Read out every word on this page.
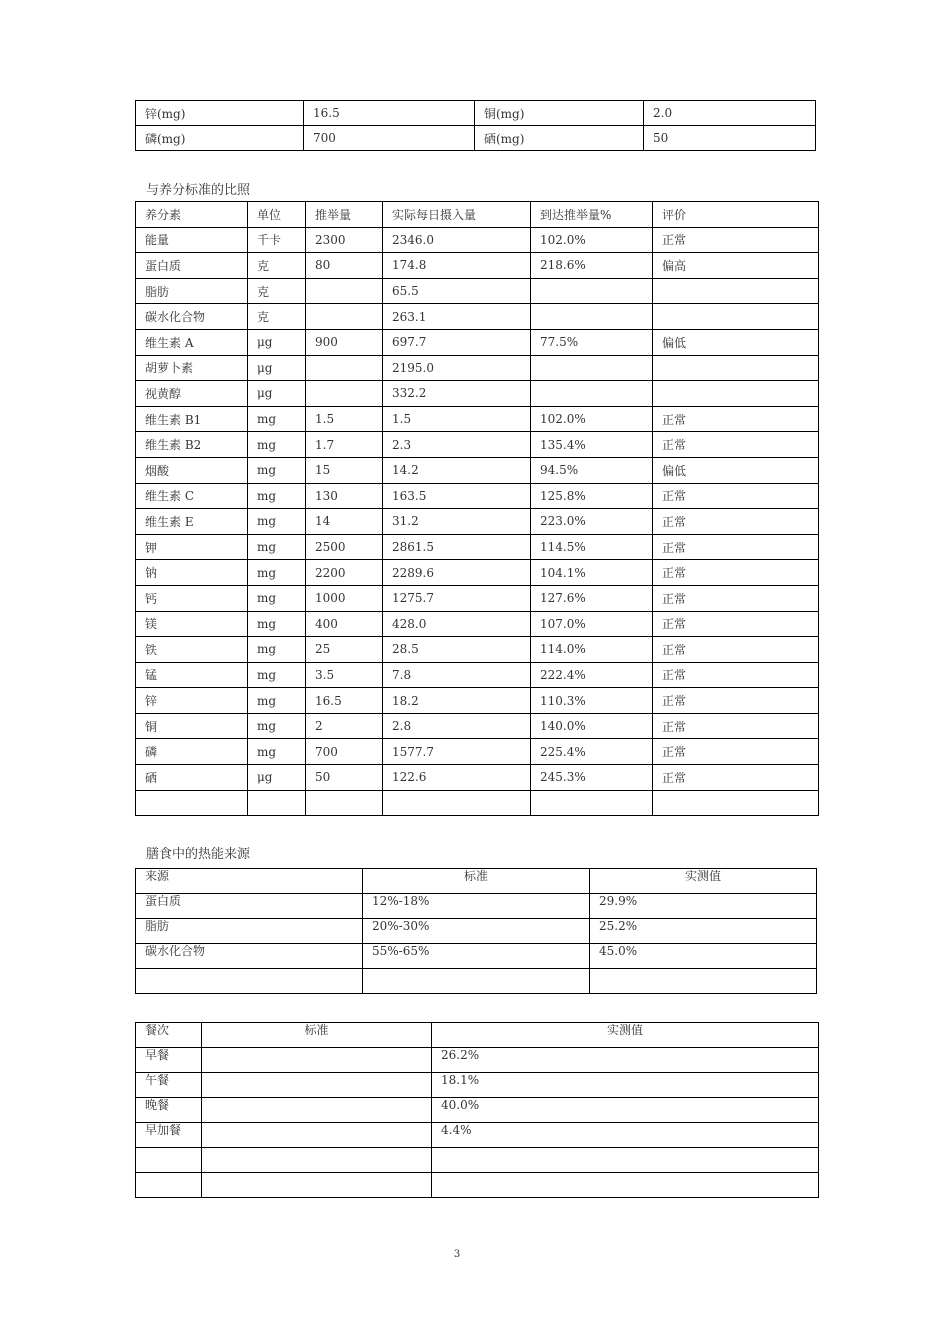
锌(mg)	16.5	铜(mg)	2.0
磷(mg)	700	硒(mg)	50
与养分标准的比照
养分素	单位	推举量	实际每日摄入量	到达推举量%	评价
能量	千卡	2300	2346.0	102.0%	正常
蛋白质	克	80	174.8	218.6%	偏高
脂肪	克		65.5		
碳水化合物	克		263.1		
维生素 A	μg	900	697.7	77.5%	偏低
胡萝卜素	μg		2195.0		
视黄醇	μg		332.2		
维生素 B1	mg	1.5	1.5	102.0%	正常
维生素 B2	mg	1.7	2.3	135.4%	正常
烟酸	mg	15	14.2	94.5%	偏低
维生素 C	mg	130	163.5	125.8%	正常
维生素 E	mg	14	31.2	223.0%	正常
钾	mg	2500	2861.5	114.5%	正常
钠	mg	2200	2289.6	104.1%	正常
钙	mg	1000	1275.7	127.6%	正常
镁	mg	400	428.0	107.0%	正常
铁	mg	25	28.5	114.0%	正常
锰	mg	3.5	7.8	222.4%	正常
锌	mg	16.5	18.2	110.3%	正常
铜	mg	2	2.8	140.0%	正常
磷	mg	700	1577.7	225.4%	正常
硒	μg	50	122.6	245.3%	正常

膳食中的热能来源
来源	标准	实测值
蛋白质	12%-18%	29.9%
脂肪	20%-30%	25.2%
碳水化合物	55%-65%	45.0%

餐次	标准	实测值
早餐		26.2%
午餐		18.1%
晚餐		40.0%
早加餐		4.4%

3
